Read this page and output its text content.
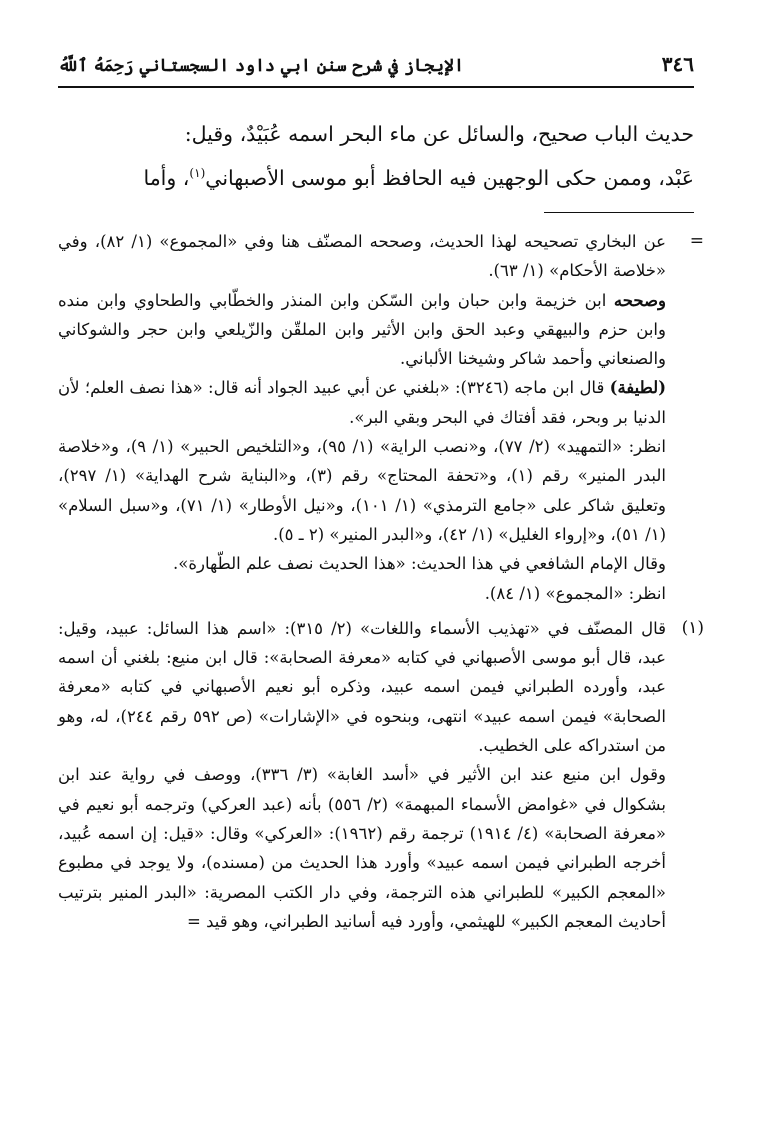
٣٤٦
الإيجاز في شرح سنن ابي داود السجستاني رَحِمَهُ ٱللَّهُ

حديث الباب صحيح، والسائل عن ماء البحر اسمه عُبَيْدٌ، وقيل:

عَبْد، وممن حكى الوجهين فيه الحافظ أبو موسى الأصبهاني$^{(١)}$، وأما

=

عن البخاري تصحيحه لهذا الحديث، وصححه المصنّف هنا وفي «المجموع» (١/ ٨٢)، وفي «خلاصة الأحكام» (١/ ٦٣).

وصححه ابن خزيمة وابن حبان وابن السّكن وابن المنذر والخطّابي والطحاوي وابن منده وابن حزم والبيهقي وعبد الحق وابن الأثير وابن الملقّن والزّيلعي وابن حجر والشوكاني والصنعاني وأحمد شاكر وشيخنا الألباني.

(لطيفة) قال ابن ماجه (٣٢٤٦): «بلغني عن أبي عبيد الجواد أنه قال: «هذا نصف العلم؛ لأن الدنيا بر وبحر، فقد أفتاك في البحر وبقي البر».

انظر: «التمهيد» (٢/ ٧٧)، و«نصب الراية» (١/ ٩٥)، و«التلخيص الحبير» (١/ ٩)، و«خلاصة البدر المنير» رقم (١)، و«تحفة المحتاج» رقم (٣)، و«البناية شرح الهداية» (١/ ٢٩٧)، وتعليق شاكر على «جامع الترمذي» (١/ ١٠١)، و«نيل الأوطار» (١/ ٧١)، و«سبل السلام» (١/ ٥١)، و«إرواء الغليل» (١/ ٤٢)، و«البدر المنير» (٢ ـ ٥).

وقال الإمام الشافعي في هذا الحديث: «هذا الحديث نصف علم الطّهارة».

انظر: «المجموع» (١/ ٨٤).

(١)

قال المصنّف في «تهذيب الأسماء واللغات» (٢/ ٣١٥): «اسم هذا السائل: عبيد، وقيل: عبد، قال أبو موسى الأصبهاني في كتابه «معرفة الصحابة»: قال ابن منيع: بلغني أن اسمه عبد، وأورده الطبراني فيمن اسمه عبيد، وذكره أبو نعيم الأصبهاني في كتابه «معرفة الصحابة» فيمن اسمه عبيد» انتهى، وبنحوه في «الإشارات» (ص ٥٩٢ رقم ٢٤٤)، له، وهو من استدراكه على الخطيب.

وقول ابن منيع عند ابن الأثير في «أسد الغابة» (٣/ ٣٣٦)، ووصف في رواية عند ابن بشكوال في «غوامض الأسماء المبهمة» (٢/ ٥٥٦) بأنه (عبد العركي) وترجمه أبو نعيم في «معرفة الصحابة» (٤/ ١٩١٤) ترجمة رقم (١٩٦٢): «العركي» وقال: «قيل: إن اسمه عُبيد، أخرجه الطبراني فيمن اسمه عبيد» وأورد هذا الحديث من (مسنده)، ولا يوجد في مطبوع «المعجم الكبير» للطبراني هذه الترجمة، وفي دار الكتب المصرية: «البدر المنير بترتيب أحاديث المعجم الكبير» للهيثمي، وأورد فيه أسانيد الطبراني، وهو قيد =
